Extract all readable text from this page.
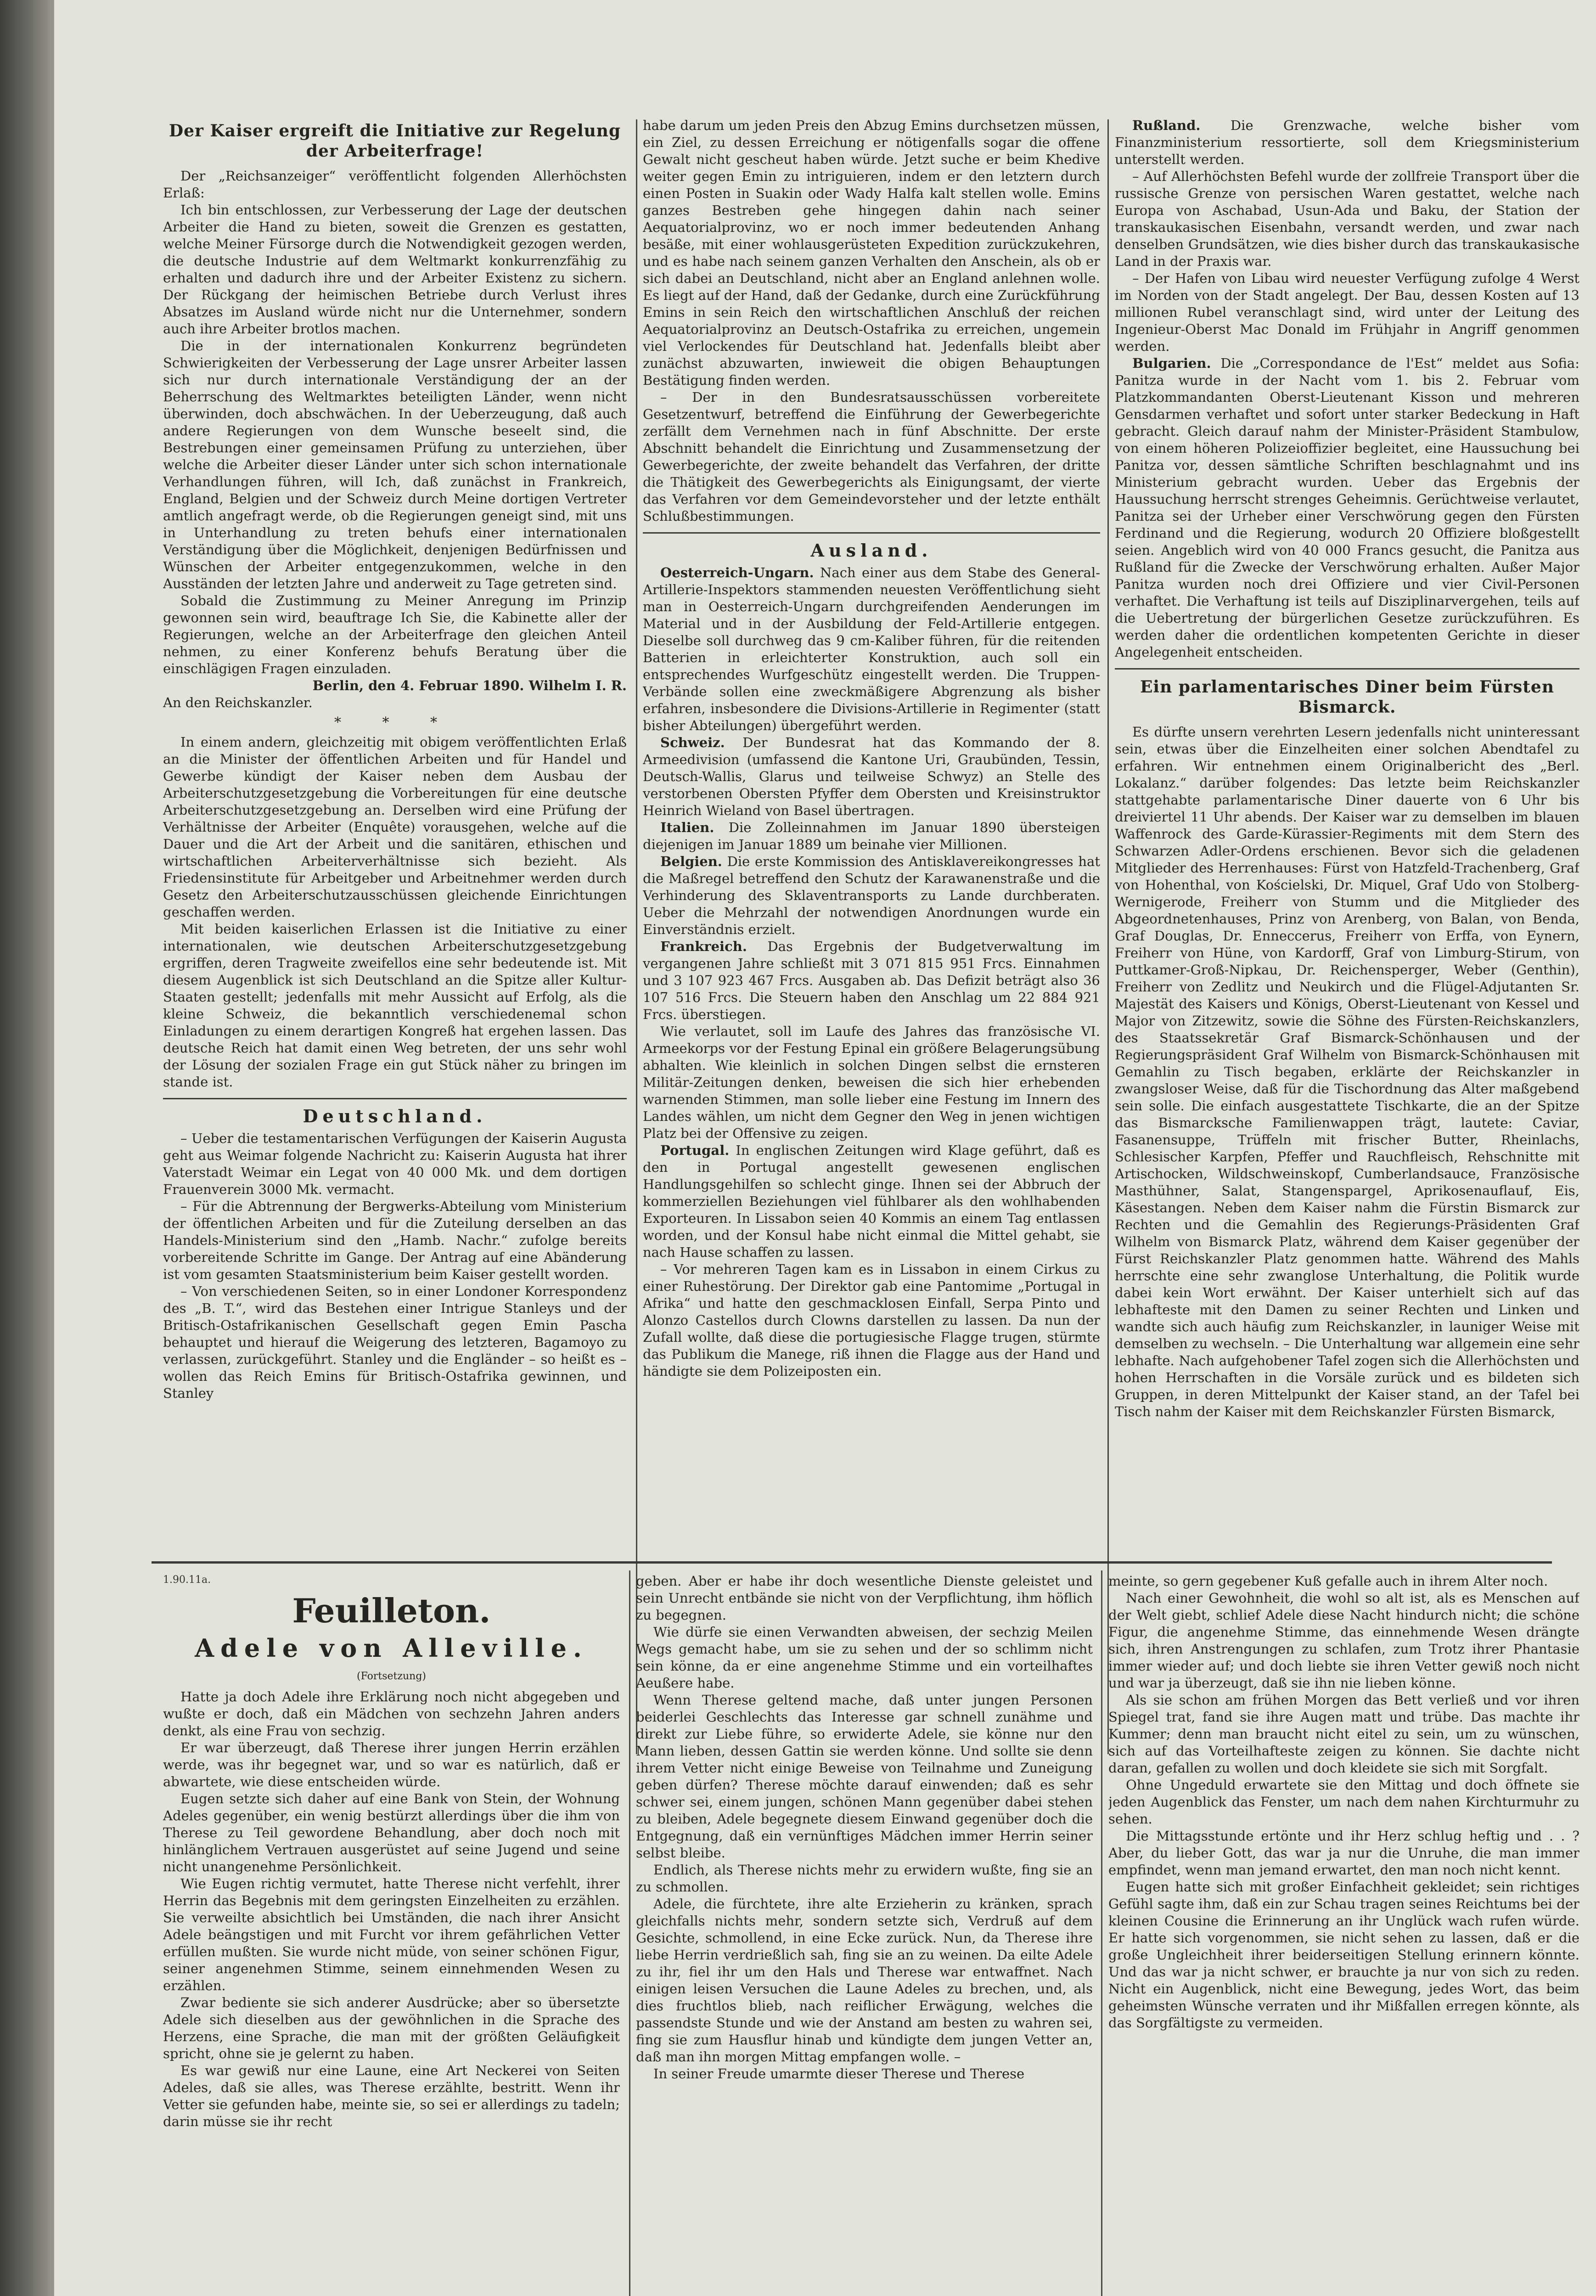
Der Kaiser ergreift die Initiative zur Regelung der Arbeiterfrage!

Der „Reichsanzeiger“ veröffentlicht folgenden Allerhöchsten Erlaß:

Ich bin entschlossen, zur Verbesserung der Lage der deutschen Arbeiter die Hand zu bieten, soweit die Grenzen es gestatten, welche Meiner Fürsorge durch die Notwendigkeit gezogen werden, die deutsche Industrie auf dem Weltmarkt konkurrenzfähig zu erhalten und dadurch ihre und der Arbeiter Existenz zu sichern. Der Rückgang der heimischen Betriebe durch Verlust ihres Absatzes im Ausland würde nicht nur die Unternehmer, sondern auch ihre Arbeiter brotlos machen.

Die in der internationalen Konkurrenz begründeten Schwierigkeiten der Verbesserung der Lage unsrer Arbeiter lassen sich nur durch internationale Verständigung der an der Beherrschung des Weltmarktes beteiligten Länder, wenn nicht überwinden, doch abschwächen. In der Ueberzeugung, daß auch andere Regierungen von dem Wunsche beseelt sind, die Bestrebungen einer gemeinsamen Prüfung zu unterziehen, über welche die Arbeiter dieser Länder unter sich schon internationale Verhandlungen führen, will Ich, daß zunächst in Frankreich, England, Belgien und der Schweiz durch Meine dortigen Vertreter amtlich angefragt werde, ob die Regierungen geneigt sind, mit uns in Unterhandlung zu treten behufs einer internationalen Verständigung über die Möglichkeit, denjenigen Bedürfnissen und Wünschen der Arbeiter entgegenzukommen, welche in den Ausständen der letzten Jahre und anderweit zu Tage getreten sind.

Sobald die Zustimmung zu Meiner Anregung im Prinzip gewonnen sein wird, beauftrage Ich Sie, die Kabinette aller der Regierungen, welche an der Arbeiterfrage den gleichen Anteil nehmen, zu einer Konferenz behufs Beratung über die einschlägigen Fragen einzuladen.

Berlin, den 4. Februar 1890. Wilhelm I. R.

An den Reichskanzler.

* * *

In einem andern, gleichzeitig mit obigem veröffentlichten Erlaß an die Minister der öffentlichen Arbeiten und für Handel und Gewerbe kündigt der Kaiser neben dem Ausbau der Arbeiterschutzgesetzgebung die Vorbereitungen für eine deutsche Arbeiterschutzgesetzgebung an. Derselben wird eine Prüfung der Verhältnisse der Arbeiter (Enquête) vorausgehen, welche auf die Dauer und die Art der Arbeit und die sanitären, ethischen und wirtschaftlichen Arbeiterverhältnisse sich bezieht. Als Friedensinstitute für Arbeitgeber und Arbeitnehmer werden durch Gesetz den Arbeiterschutzausschüssen gleichende Einrichtungen geschaffen werden.

Mit beiden kaiserlichen Erlassen ist die Initiative zu einer internationalen, wie deutschen Arbeiterschutzgesetzgebung ergriffen, deren Tragweite zweifellos eine sehr bedeutende ist. Mit diesem Augenblick ist sich Deutschland an die Spitze aller Kultur-Staaten gestellt; jedenfalls mit mehr Aussicht auf Erfolg, als die kleine Schweiz, die bekanntlich verschiedenemal schon Einladungen zu einem derartigen Kongreß hat ergehen lassen. Das deutsche Reich hat damit einen Weg betreten, der uns sehr wohl der Lösung der sozialen Frage ein gut Stück näher zu bringen im stande ist.

Deutschland.

– Ueber die testamentarischen Verfügungen der Kaiserin Augusta geht aus Weimar folgende Nachricht zu: Kaiserin Augusta hat ihrer Vaterstadt Weimar ein Legat von 40 000 Mk. und dem dortigen Frauenverein 3000 Mk. vermacht.

– Für die Abtrennung der Bergwerks-Abteilung vom Ministerium der öffentlichen Arbeiten und für die Zuteilung derselben an das Handels-Ministerium sind den „Hamb. Nachr.“ zufolge bereits vorbereitende Schritte im Gange. Der Antrag auf eine Abänderung ist vom gesamten Staatsministerium beim Kaiser gestellt worden.

– Von verschiedenen Seiten, so in einer Londoner Korrespondenz des „B. T.“, wird das Bestehen einer Intrigue Stanleys und der Britisch-Ostafrikanischen Gesellschaft gegen Emin Pascha behauptet und hierauf die Weigerung des letzteren, Bagamoyo zu verlassen, zurückgeführt. Stanley und die Engländer – so heißt es – wollen das Reich Emins für Britisch-Ostafrika gewinnen, und Stanley

habe darum um jeden Preis den Abzug Emins durchsetzen müssen, ein Ziel, zu dessen Erreichung er nötigenfalls sogar die offene Gewalt nicht gescheut haben würde. Jetzt suche er beim Khedive weiter gegen Emin zu intriguieren, indem er den letztern durch einen Posten in Suakin oder Wady Halfa kalt stellen wolle. Emins ganzes Bestreben gehe hingegen dahin nach seiner Aequatorialprovinz, wo er noch immer bedeutenden Anhang besäße, mit einer wohlausgerüsteten Expedition zurückzukehren, und es habe nach seinem ganzen Verhalten den Anschein, als ob er sich dabei an Deutschland, nicht aber an England anlehnen wolle. Es liegt auf der Hand, daß der Gedanke, durch eine Zurückführung Emins in sein Reich den wirtschaftlichen Anschluß der reichen Aequatorialprovinz an Deutsch-Ostafrika zu erreichen, ungemein viel Verlockendes für Deutschland hat. Jedenfalls bleibt aber zunächst abzuwarten, inwieweit die obigen Behauptungen Bestätigung finden werden.

– Der in den Bundesratsausschüssen vorbereitete Gesetzentwurf, betreffend die Einführung der Gewerbegerichte zerfällt dem Vernehmen nach in fünf Abschnitte. Der erste Abschnitt behandelt die Einrichtung und Zusammensetzung der Gewerbegerichte, der zweite behandelt das Verfahren, der dritte die Thätigkeit des Gewerbegerichts als Einigungsamt, der vierte das Verfahren vor dem Gemeindevorsteher und der letzte enthält Schlußbestimmungen.

Ausland.

Oesterreich-Ungarn. Nach einer aus dem Stabe des General-Artillerie-Inspektors stammenden neuesten Veröffentlichung sieht man in Oesterreich-Ungarn durchgreifenden Aenderungen im Material und in der Ausbildung der Feld-Artillerie entgegen. Dieselbe soll durchweg das 9 cm-Kaliber führen, für die reitenden Batterien in erleichterter Konstruktion, auch soll ein entsprechendes Wurfgeschütz eingestellt werden. Die Truppen-Verbände sollen eine zweckmäßigere Abgrenzung als bisher erfahren, insbesondere die Divisions-Artillerie in Regimenter (statt bisher Abteilungen) übergeführt werden.

Schweiz. Der Bundesrat hat das Kommando der 8. Armeedivision (umfassend die Kantone Uri, Graubünden, Tessin, Deutsch-Wallis, Glarus und teilweise Schwyz) an Stelle des verstorbenen Obersten Pfyffer dem Obersten und Kreisinstruktor Heinrich Wieland von Basel übertragen.

Italien. Die Zolleinnahmen im Januar 1890 übersteigen diejenigen im Januar 1889 um beinahe vier Millionen.

Belgien. Die erste Kommission des Antisklavereikongresses hat die Maßregel betreffend den Schutz der Karawanenstraße und die Verhinderung des Sklaventransports zu Lande durchberaten. Ueber die Mehrzahl der notwendigen Anordnungen wurde ein Einverständnis erzielt.

Frankreich. Das Ergebnis der Budgetverwaltung im vergangenen Jahre schließt mit 3 071 815 951 Frcs. Einnahmen und 3 107 923 467 Frcs. Ausgaben ab. Das Defizit beträgt also 36 107 516 Frcs. Die Steuern haben den Anschlag um 22 884 921 Frcs. überstiegen.

Wie verlautet, soll im Laufe des Jahres das französische VI. Armeekorps vor der Festung Epinal ein größere Belagerungsübung abhalten. Wie kleinlich in solchen Dingen selbst die ernsteren Militär-Zeitungen denken, beweisen die sich hier erhebenden warnenden Stimmen, man solle lieber eine Festung im Innern des Landes wählen, um nicht dem Gegner den Weg in jenen wichtigen Platz bei der Offensive zu zeigen.

Portugal. In englischen Zeitungen wird Klage geführt, daß es den in Portugal angestellt gewesenen englischen Handlungsgehilfen so schlecht ginge. Ihnen sei der Abbruch der kommerziellen Beziehungen viel fühlbarer als den wohlhabenden Exporteuren. In Lissabon seien 40 Kommis an einem Tag entlassen worden, und der Konsul habe nicht einmal die Mittel gehabt, sie nach Hause schaffen zu lassen.

– Vor mehreren Tagen kam es in Lissabon in einem Cirkus zu einer Ruhestörung. Der Direktor gab eine Pantomime „Portugal in Afrika“ und hatte den geschmacklosen Einfall, Serpa Pinto und Alonzo Castellos durch Clowns darstellen zu lassen. Da nun der Zufall wollte, daß diese die portugiesische Flagge trugen, stürmte das Publikum die Manege, riß ihnen die Flagge aus der Hand und händigte sie dem Polizeiposten ein.

Rußland. Die Grenzwache, welche bisher vom Finanzministerium ressortierte, soll dem Kriegsministerium unterstellt werden.

– Auf Allerhöchsten Befehl wurde der zollfreie Transport über die russische Grenze von persischen Waren gestattet, welche nach Europa von Aschabad, Usun-Ada und Baku, der Station der transkaukasischen Eisenbahn, versandt werden, und zwar nach denselben Grundsätzen, wie dies bisher durch das transkaukasische Land in der Praxis war.

– Der Hafen von Libau wird neuester Verfügung zufolge 4 Werst im Norden von der Stadt angelegt. Der Bau, dessen Kosten auf 13 millionen Rubel veranschlagt sind, wird unter der Leitung des Ingenieur-Oberst Mac Donald im Frühjahr in Angriff genommen werden.

Bulgarien. Die „Correspondance de l'Est“ meldet aus Sofia: Panitza wurde in der Nacht vom 1. bis 2. Februar vom Platzkommandanten Oberst-Lieutenant Kisson und mehreren Gensdarmen verhaftet und sofort unter starker Bedeckung in Haft gebracht. Gleich darauf nahm der Minister-Präsident Stambulow, von einem höheren Polizeioffizier begleitet, eine Haussuchung bei Panitza vor, dessen sämtliche Schriften beschlagnahmt und ins Ministerium gebracht wurden. Ueber das Ergebnis der Haussuchung herrscht strenges Geheimnis. Gerüchtweise verlautet, Panitza sei der Urheber einer Verschwörung gegen den Fürsten Ferdinand und die Regierung, wodurch 20 Offiziere bloßgestellt seien. Angeblich wird von 40 000 Francs gesucht, die Panitza aus Rußland für die Zwecke der Verschwörung erhalten. Außer Major Panitza wurden noch drei Offiziere und vier Civil-Personen verhaftet. Die Verhaftung ist teils auf Disziplinarvergehen, teils auf die Uebertretung der bürgerlichen Gesetze zurückzuführen. Es werden daher die ordentlichen kompetenten Gerichte in dieser Angelegenheit entscheiden.

Ein parlamentarisches Diner beim Fürsten Bismarck.

Es dürfte unsern verehrten Lesern jedenfalls nicht uninteressant sein, etwas über die Einzelheiten einer solchen Abendtafel zu erfahren. Wir entnehmen einem Originalbericht des „Berl. Lokalanz.“ darüber folgendes: Das letzte beim Reichskanzler stattgehabte parlamentarische Diner dauerte von 6 Uhr bis dreiviertel 11 Uhr abends. Der Kaiser war zu demselben im blauen Waffenrock des Garde-Kürassier-Regiments mit dem Stern des Schwarzen Adler-Ordens erschienen. Bevor sich die geladenen Mitglieder des Herrenhauses: Fürst von Hatzfeld-Trachenberg, Graf von Hohenthal, von Kościelski, Dr. Miquel, Graf Udo von Stolberg-Wernigerode, Freiherr von Stumm und die Mitglieder des Abgeordnetenhauses, Prinz von Arenberg, von Balan, von Benda, Graf Douglas, Dr. Enneccerus, Freiherr von Erffa, von Eynern, Freiherr von Hüne, von Kardorff, Graf von Limburg-Stirum, von Puttkamer-Groß-Nipkau, Dr. Reichensperger, Weber (Genthin), Freiherr von Zedlitz und Neukirch und die Flügel-Adjutanten Sr. Majestät des Kaisers und Königs, Oberst-Lieutenant von Kessel und Major von Zitzewitz, sowie die Söhne des Fürsten-Reichskanzlers, des Staatssekretär Graf Bismarck-Schönhausen und der Regierungspräsident Graf Wilhelm von Bismarck-Schönhausen mit Gemahlin zu Tisch begaben, erklärte der Reichskanzler in zwangsloser Weise, daß für die Tischordnung das Alter maßgebend sein solle. Die einfach ausgestattete Tischkarte, die an der Spitze das Bismarcksche Familienwappen trägt, lautete: Caviar, Fasanensuppe, Trüffeln mit frischer Butter, Rheinlachs, Schlesischer Karpfen, Pfeffer und Rauchfleisch, Rehschnitte mit Artischocken, Wildschweinskopf, Cumberlandsauce, Französische Masthühner, Salat, Stangenspargel, Aprikosenauflauf, Eis, Käsestangen. Neben dem Kaiser nahm die Fürstin Bismarck zur Rechten und die Gemahlin des Regierungs-Präsidenten Graf Wilhelm von Bismarck Platz, während dem Kaiser gegenüber der Fürst Reichskanzler Platz genommen hatte. Während des Mahls herrschte eine sehr zwanglose Unterhaltung, die Politik wurde dabei kein Wort erwähnt. Der Kaiser unterhielt sich auf das lebhafteste mit den Damen zu seiner Rechten und Linken und wandte sich auch häufig zum Reichskanzler, in launiger Weise mit demselben zu wechseln. – Die Unterhaltung war allgemein eine sehr lebhafte. Nach aufgehobener Tafel zogen sich die Allerhöchsten und hohen Herrschaften in die Vorsäle zurück und es bildeten sich Gruppen, in deren Mittelpunkt der Kaiser stand, an der Tafel bei Tisch nahm der Kaiser mit dem Reichskanzler Fürsten Bismarck,

1.90.11a.
Feuilleton.
Adele von Alleville.
(Fortsetzung)

Hatte ja doch Adele ihre Erklärung noch nicht abgegeben und wußte er doch, daß ein Mädchen von sechzehn Jahren anders denkt, als eine Frau von sechzig.

Er war überzeugt, daß Therese ihrer jungen Herrin erzählen werde, was ihr begegnet war, und so war es natürlich, daß er abwartete, wie diese entscheiden würde.

Eugen setzte sich daher auf eine Bank von Stein, der Wohnung Adeles gegenüber, ein wenig bestürzt allerdings über die ihm von Therese zu Teil gewordene Behandlung, aber doch noch mit hinlänglichem Vertrauen ausgerüstet auf seine Jugend und seine nicht unangenehme Persönlichkeit.

Wie Eugen richtig vermutet, hatte Therese nicht verfehlt, ihrer Herrin das Begebnis mit dem geringsten Einzelheiten zu erzählen. Sie verweilte absichtlich bei Umständen, die nach ihrer Ansicht Adele beängstigen und mit Furcht vor ihrem gefährlichen Vetter erfüllen mußten. Sie wurde nicht müde, von seiner schönen Figur, seiner angenehmen Stimme, seinem einnehmenden Wesen zu erzählen.

Zwar bediente sie sich anderer Ausdrücke; aber so übersetzte Adele sich dieselben aus der gewöhnlichen in die Sprache des Herzens, eine Sprache, die man mit der größten Geläufigkeit spricht, ohne sie je gelernt zu haben.

Es war gewiß nur eine Laune, eine Art Neckerei von Seiten Adeles, daß sie alles, was Therese erzählte, bestritt. Wenn ihr Vetter sie gefunden habe, meinte sie, so sei er allerdings zu tadeln; darin müsse sie ihr recht

geben. Aber er habe ihr doch wesentliche Dienste geleistet und sein Unrecht entbände sie nicht von der Verpflichtung, ihm höflich zu begegnen.

Wie dürfe sie einen Verwandten abweisen, der sechzig Meilen Wegs gemacht habe, um sie zu sehen und der so schlimm nicht sein könne, da er eine angenehme Stimme und ein vorteilhaftes Aeußere habe.

Wenn Therese geltend mache, daß unter jungen Personen beiderlei Geschlechts das Interesse gar schnell zunähme und direkt zur Liebe führe, so erwiderte Adele, sie könne nur den Mann lieben, dessen Gattin sie werden könne. Und sollte sie denn ihrem Vetter nicht einige Beweise von Teilnahme und Zuneigung geben dürfen? Therese möchte darauf einwenden; daß es sehr schwer sei, einem jungen, schönen Mann gegenüber dabei stehen zu bleiben, Adele begegnete diesem Einwand gegenüber doch die Entgegnung, daß ein vernünftiges Mädchen immer Herrin seiner selbst bleibe.

Endlich, als Therese nichts mehr zu erwidern wußte, fing sie an zu schmollen.

Adele, die fürchtete, ihre alte Erzieherin zu kränken, sprach gleichfalls nichts mehr, sondern setzte sich, Verdruß auf dem Gesichte, schmollend, in eine Ecke zurück. Nun, da Therese ihre liebe Herrin verdrießlich sah, fing sie an zu weinen. Da eilte Adele zu ihr, fiel ihr um den Hals und Therese war entwaffnet. Nach einigen leisen Versuchen die Laune Adeles zu brechen, und, als dies fruchtlos blieb, nach reiflicher Erwägung, welches die passendste Stunde und wie der Anstand am besten zu wahren sei, fing sie zum Hausflur hinab und kündigte dem jungen Vetter an, daß man ihn morgen Mittag empfangen wolle. –

In seiner Freude umarmte dieser Therese und Therese

meinte, so gern gegebener Kuß gefalle auch in ihrem Alter noch.

Nach einer Gewohnheit, die wohl so alt ist, als es Menschen auf der Welt giebt, schlief Adele diese Nacht hindurch nicht; die schöne Figur, die angenehme Stimme, das einnehmende Wesen drängte sich, ihren Anstrengungen zu schlafen, zum Trotz ihrer Phantasie immer wieder auf; und doch liebte sie ihren Vetter gewiß noch nicht und war ja überzeugt, daß sie ihn nie lieben könne.

Als sie schon am frühen Morgen das Bett verließ und vor ihren Spiegel trat, fand sie ihre Augen matt und trübe. Das machte ihr Kummer; denn man braucht nicht eitel zu sein, um zu wünschen, sich auf das Vorteilhafteste zeigen zu können. Sie dachte nicht daran, gefallen zu wollen und doch kleidete sie sich mit Sorgfalt.

Ohne Ungeduld erwartete sie den Mittag und doch öffnete sie jeden Augenblick das Fenster, um nach dem nahen Kirchturmuhr zu sehen.

Die Mittagsstunde ertönte und ihr Herz schlug heftig und . . ? Aber, du lieber Gott, das war ja nur die Unruhe, die man immer empfindet, wenn man jemand erwartet, den man noch nicht kennt.

Eugen hatte sich mit großer Einfachheit gekleidet; sein richtiges Gefühl sagte ihm, daß ein zur Schau tragen seines Reichtums bei der kleinen Cousine die Erinnerung an ihr Unglück wach rufen würde. Er hatte sich vorgenommen, sie nicht sehen zu lassen, daß er die große Ungleichheit ihrer beiderseitigen Stellung erinnern könnte. Und das war ja nicht schwer, er brauchte ja nur von sich zu reden. Nicht ein Augenblick, nicht eine Bewegung, jedes Wort, das beim geheimsten Wünsche verraten und ihr Mißfallen erregen könnte, als das Sorgfältigste zu vermeiden.
